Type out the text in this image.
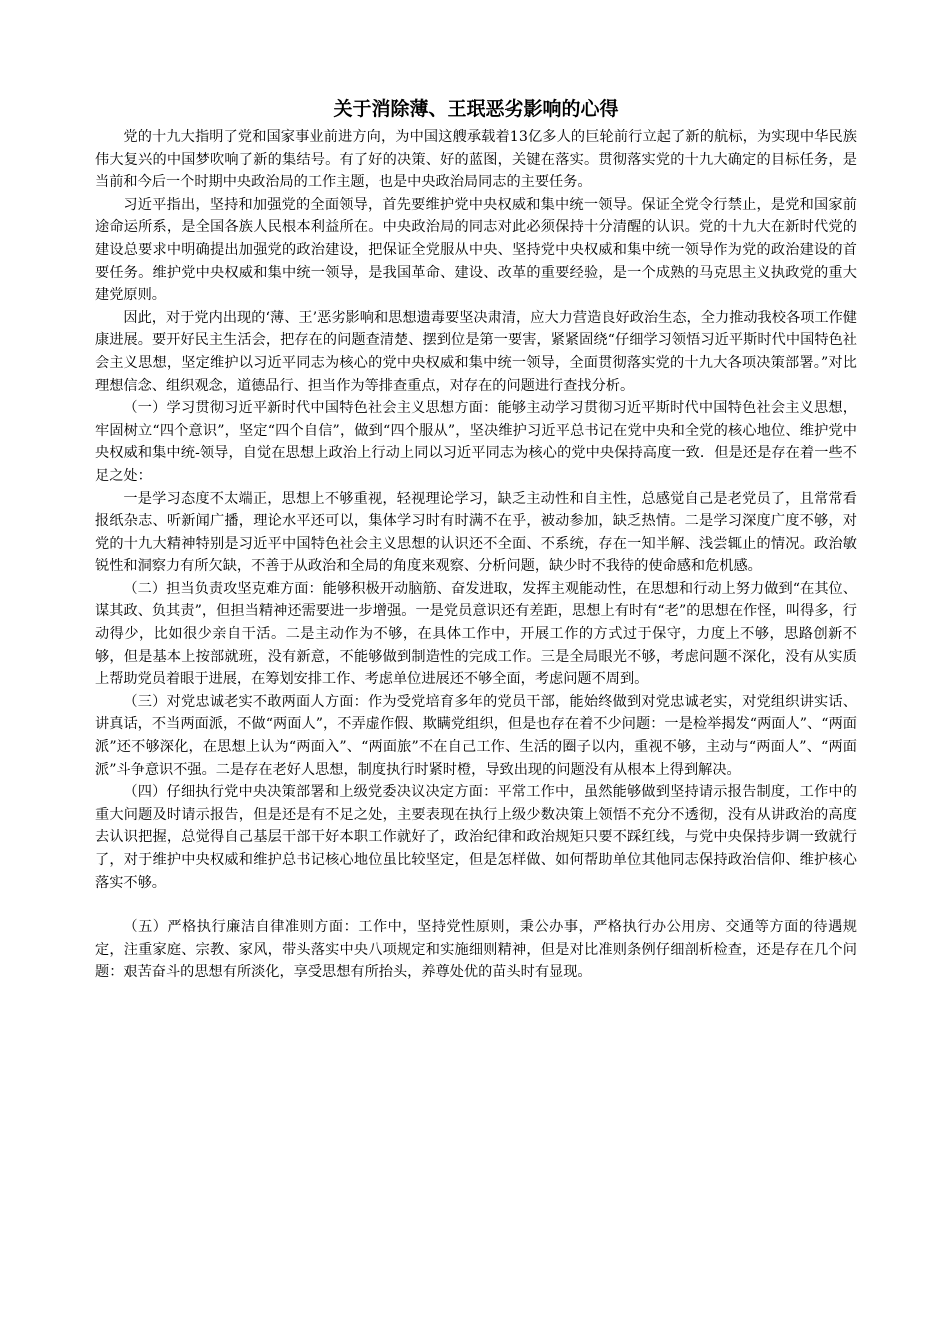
关于消除薄、王珉恶劣影响的心得

党的十九大指明了党和国家事业前进方向，为中国这艘承载着13亿多人的巨轮前行立起了新的航标，为实现中华民族伟大复兴的中国梦吹响了新的集结号。有了好的决策、好的蓝图，关键在落实。贯彻落实党的十九大确定的目标任务，是当前和今后一个时期中央政治局的工作主题，也是中央政治局同志的主要任务。

习近平指出，坚持和加强党的全面领导，首先要维护党中央权威和集中统一领导。保证全党令行禁止，是党和国家前途命运所系，是全国各族人民根本利益所在。中央政治局的同志对此必须保持十分清醒的认识。党的十九大在新时代党的建设总要求中明确提出加强党的政治建设，把保证全党服从中央、坚持党中央权威和集中统一领导作为党的政治建设的首要任务。维护党中央权威和集中统一领导，是我国革命、建设、改革的重要经验，是一个成熟的马克思主义执政党的重大建党原则。

因此，对于党内出现的‘薄、王’恶劣影响和思想遗毒要坚决肃清，应大力营造良好政治生态，全力推动我校各项工作健康进展。要开好民主生活会，把存在的问题查清楚、摆到位是第一要害，紧紧固绕“仔细学习领悟习近平斯时代中国特色社会主义思想，坚定维护以习近平同志为核心的党中央权威和集中统一领导，全面贯彻落实党的十九大各项决策部署。”对比理想信念、组织观念，道德品行、担当作为等排查重点，对存在的问题进行查找分析。

（一）学习贯彻习近平新时代中国特色社会主义思想方面：能够主动学习贯彻习近平斯时代中国特色社会主义思想，牢固树立“四个意识”，坚定“四个自信”，做到“四个服从”，坚决维护习近平总书记在党中央和全党的核心地位、维护党中央权威和集中统-领导，自觉在思想上政治上行动上同以习近平同志为核心的党中央保持高度一致．但是还是存在着一些不足之处：

一是学习态度不太端正，思想上不够重视，轻视理论学习，缺乏主动性和自主性，总感觉自己是老党员了，且常常看报纸杂志、听新闻广播，理论水平还可以，集体学习时有时满不在乎，被动参加，缺乏热情。二是学习深度广度不够，对党的十九大精神特别是习近平中国特色社会主义思想的认识还不全面、不系统，存在一知半解、浅尝辄止的情况。政治敏锐性和洞察力有所欠缺，不善于从政治和全局的角度来观察、分析问题，缺少时不我待的使命感和危机感。

（二）担当负责攻坚克难方面：能够积极开动脑筋、奋发进取，发挥主观能动性，在思想和行动上努力做到“在其位、谋其政、负其责”，但担当精神还需要进一步增强。一是党员意识还有差距，思想上有时有“老”的思想在作怪，叫得多，行动得少，比如很少亲自干活。二是主动作为不够，在具体工作中，开展工作的方式过于保守，力度上不够，思路创新不够，但是基本上按部就班，没有新意，不能够做到制造性的完成工作。三是全局眼光不够，考虑问题不深化，没有从实质上帮助党员着眼于进展，在筹划安排工作、考虑单位进展还不够全面，考虑问题不周到。

（三）对党忠诚老实不敢两面人方面：作为受党培育多年的党员干部，能始终做到对党忠诚老实，对党组织讲实话、讲真话，不当两面派，不做“两面人”，不弄虚作假、欺瞒党组织，但是也存在着不少问题：一是检举揭发“两面人”、“两面派”还不够深化，在思想上认为“两面入”、“两面旅”不在自己工作、生活的圈子以内，重视不够，主动与“两面人”、“两面派”斗争意识不强。二是存在老好人思想，制度执行时紧时橙，导致出现的问题没有从根本上得到解决。

（四）仔细执行党中央决策部署和上级党委决议决定方面：平常工作中，虽然能够做到坚持请示报告制度，工作中的重大问题及时请示报告，但是还是有不足之处，主要表现在执行上级少数决策上领悟不充分不透彻，没有从讲政治的高度去认识把握，总觉得自己基层干部干好本职工作就好了，政治纪律和政治规矩只要不踩红线，与党中央保持步调一致就行了，对于维护中央权威和维护总书记核心地位虽比较坚定，但是怎样做、如何帮助单位其他同志保持政治信仰、维护核心落实不够。

（五）严格执行廉洁自律准则方面：工作中，坚持党性原则，秉公办事，严格执行办公用房、交通等方面的待遇规定，注重家庭、宗教、家风，带头落实中央八项规定和实施细则精神，但是对比准则条例仔细剖析检查，还是存在几个问题：艰苦奋斗的思想有所淡化，享受思想有所抬头，养尊处优的苗头时有显现。
